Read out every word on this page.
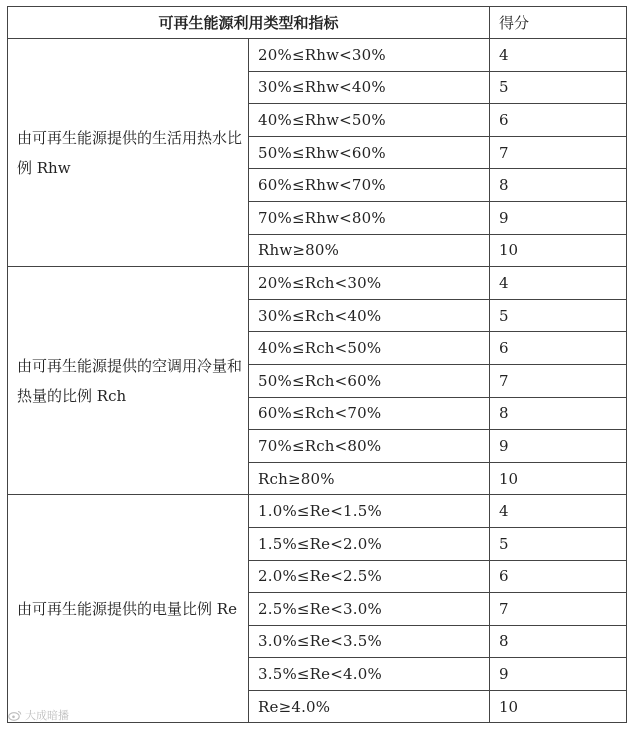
可再生能源利用类型和指标		得分
由可再生能源提供的生活用热水比例 Rhw	20%≤Rhw<30%	4
	30%≤Rhw<40%	5
	40%≤Rhw<50%	6
	50%≤Rhw<60%	7
	60%≤Rhw<70%	8
	70%≤Rhw<80%	9
	Rhw≥80%	10
由可再生能源提供的空调用冷量和热量的比例 Rch	20%≤Rch<30%	4
	30%≤Rch<40%	5
	40%≤Rch<50%	6
	50%≤Rch<60%	7
	60%≤Rch<70%	8
	70%≤Rch<80%	9
	Rch≥80%	10
由可再生能源提供的电量比例 Re	1.0%≤Re<1.5%	4
	1.5%≤Re<2.0%	5
	2.0%≤Re<2.5%	6
	2.5%≤Re<3.0%	7
	3.0%≤Re<3.5%	8
	3.5%≤Re<4.0%	9
	Re≥4.0%	10
大成暗播
